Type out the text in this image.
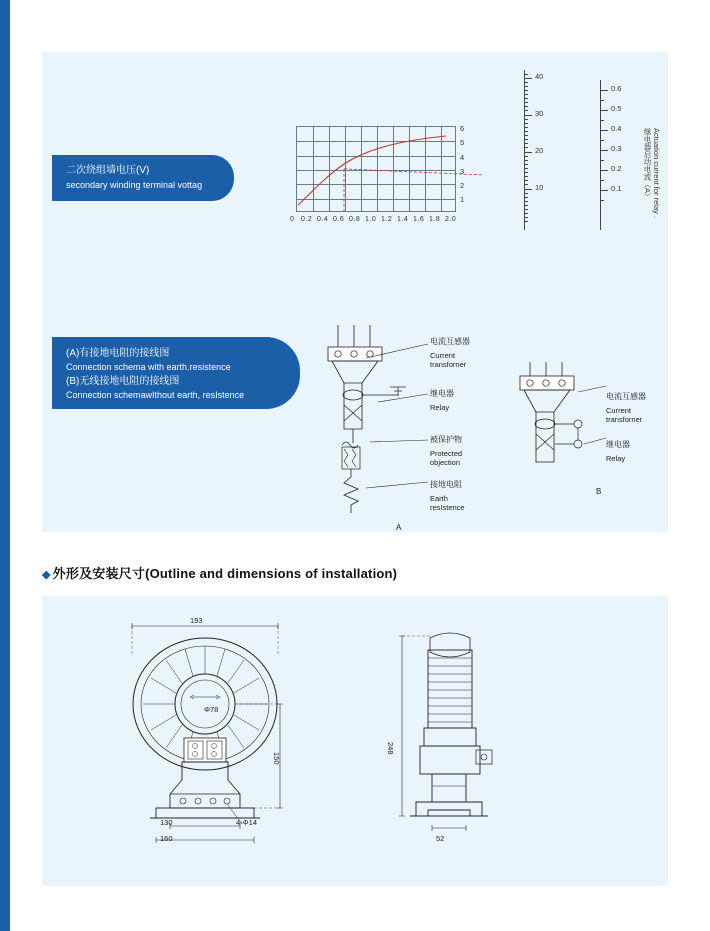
二次绕组墙电压(V)
secondary winding terminal vottag
(A)有接地电阻的接线图
Connection schema with earth.resistence
(B)无线接地电阻的接线图
Connection schemawIthout earth, resIstence
6
5
4
3
2
1
0 0.2 0.4 0.6 0.8 1.0 1.2 1.4 1.6 1.8 2.0
40
30
20
10
0.6
0.5
0.4
0.3
0.2
0.1	继电器启动电流（A） Actuation current for relay .
A
电流互感器
Current
transforner
继电器
Relay
被保护物
Protected
objection
接地电阻
Earth
resIstence
B
电流互感器
Current
transforner
继电器
Relay
◆ 外形及安装尺寸(Outline and dimensions of installation)
193
Φ78
150
130
160
4-Φ14
248
52
